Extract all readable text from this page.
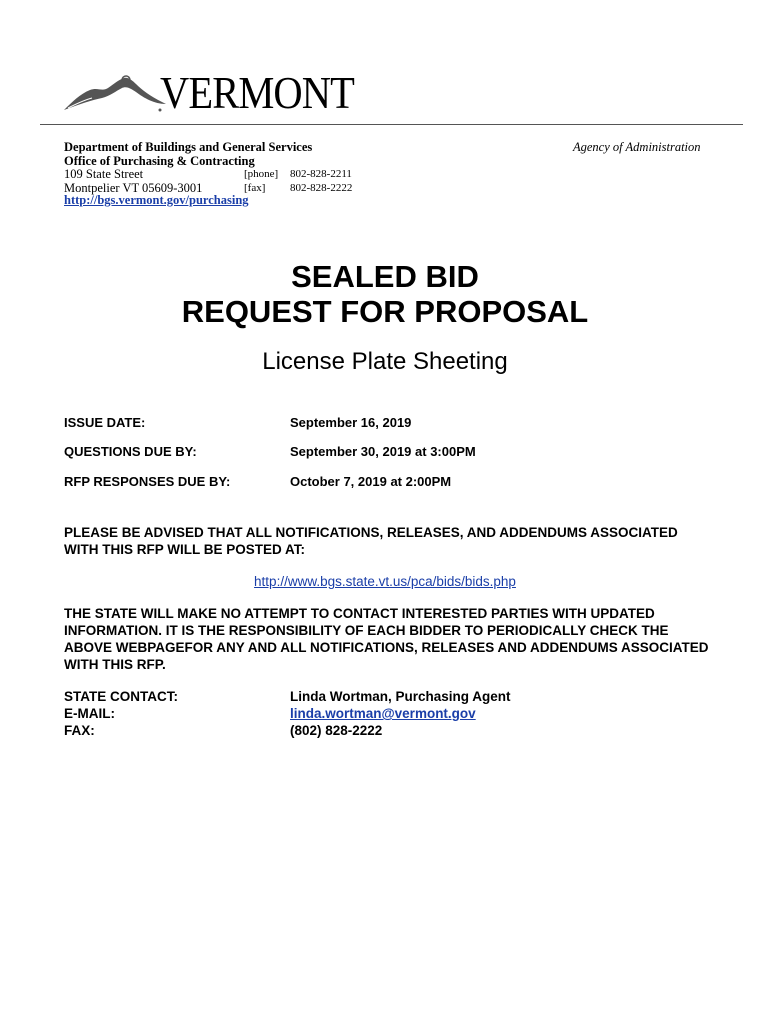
VERMONT
Department of Buildings and General Services
Office of Purchasing & Contracting
109 State Street
Montpelier VT 05609-3001
[phone] 802-828-2211
[fax] 802-828-2222
http://bgs.vermont.gov/purchasing
Agency of Administration
SEALED BID
REQUEST FOR PROPOSAL
License Plate Sheeting
ISSUE DATE:	September 16, 2019
QUESTIONS DUE BY:	September 30, 2019 at 3:00PM
RFP RESPONSES DUE BY:	October 7, 2019 at 2:00PM
PLEASE BE ADVISED THAT ALL NOTIFICATIONS, RELEASES, AND ADDENDUMS ASSOCIATED WITH THIS RFP WILL BE POSTED AT:
http://www.bgs.state.vt.us/pca/bids/bids.php
THE STATE WILL MAKE NO ATTEMPT TO CONTACT INTERESTED PARTIES WITH UPDATED INFORMATION. IT IS THE RESPONSIBILITY OF EACH BIDDER TO PERIODICALLY CHECK THE ABOVE WEBPAGEFOR ANY AND ALL NOTIFICATIONS, RELEASES AND ADDENDUMS ASSOCIATED WITH THIS RFP.
STATE CONTACT:	Linda Wortman, Purchasing Agent
E-MAIL:	linda.wortman@vermont.gov
FAX:	(802) 828-2222
